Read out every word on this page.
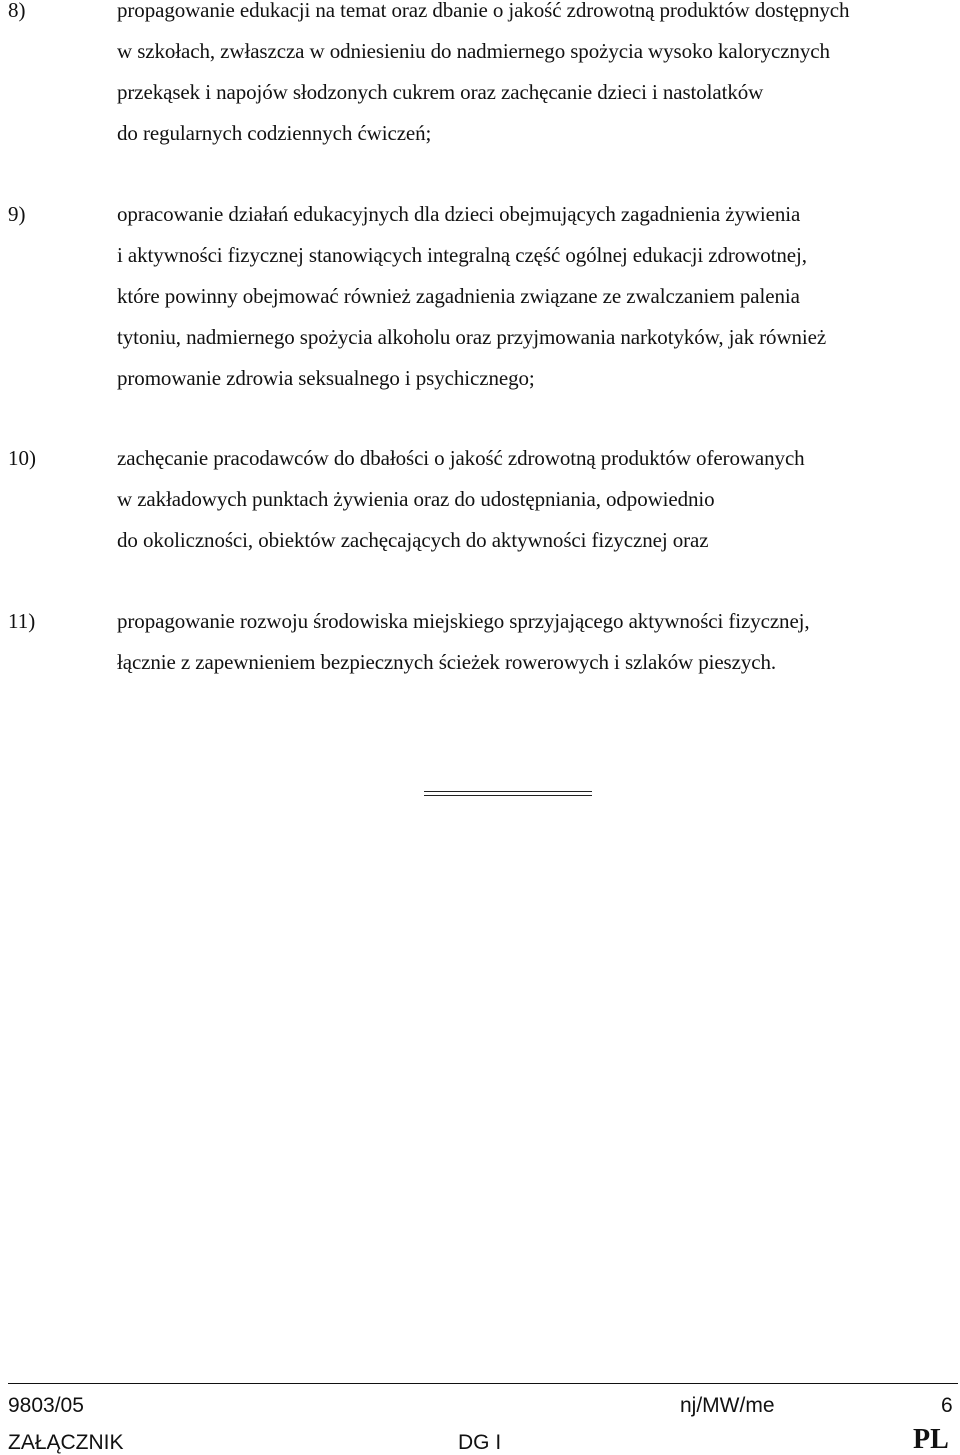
8)	propagowanie edukacji na temat oraz dbanie o jakość zdrowotną produktów dostępnych
w szkołach, zwłaszcza w odniesieniu do nadmiernego spożycia wysoko kalorycznych
przekąsek i napojów słodzonych cukrem oraz zachęcanie dzieci i nastolatków
do regularnych codziennych ćwiczeń;
9)	opracowanie działań edukacyjnych dla dzieci obejmujących zagadnienia żywienia
i aktywności fizycznej stanowiących integralną część ogólnej edukacji zdrowotnej,
które powinny obejmować również zagadnienia związane ze zwalczaniem palenia
tytoniu, nadmiernego spożycia alkoholu oraz przyjmowania narkotyków, jak również
promowanie zdrowia seksualnego i psychicznego;
10)	zachęcanie pracodawców do dbałości o jakość zdrowotną produktów oferowanych
w zakładowych punktach żywienia oraz do udostępniania, odpowiednio
do okoliczności, obiektów zachęcających do aktywności fizycznej oraz
11)	propagowanie rozwoju środowiska miejskiego sprzyjającego aktywności fizycznej,
łącznie z zapewnieniem bezpiecznych ścieżek rowerowych i szlaków pieszych.
9803/05	nj/MW/me	6
ZAŁĄCZNIK	DG I	PL
